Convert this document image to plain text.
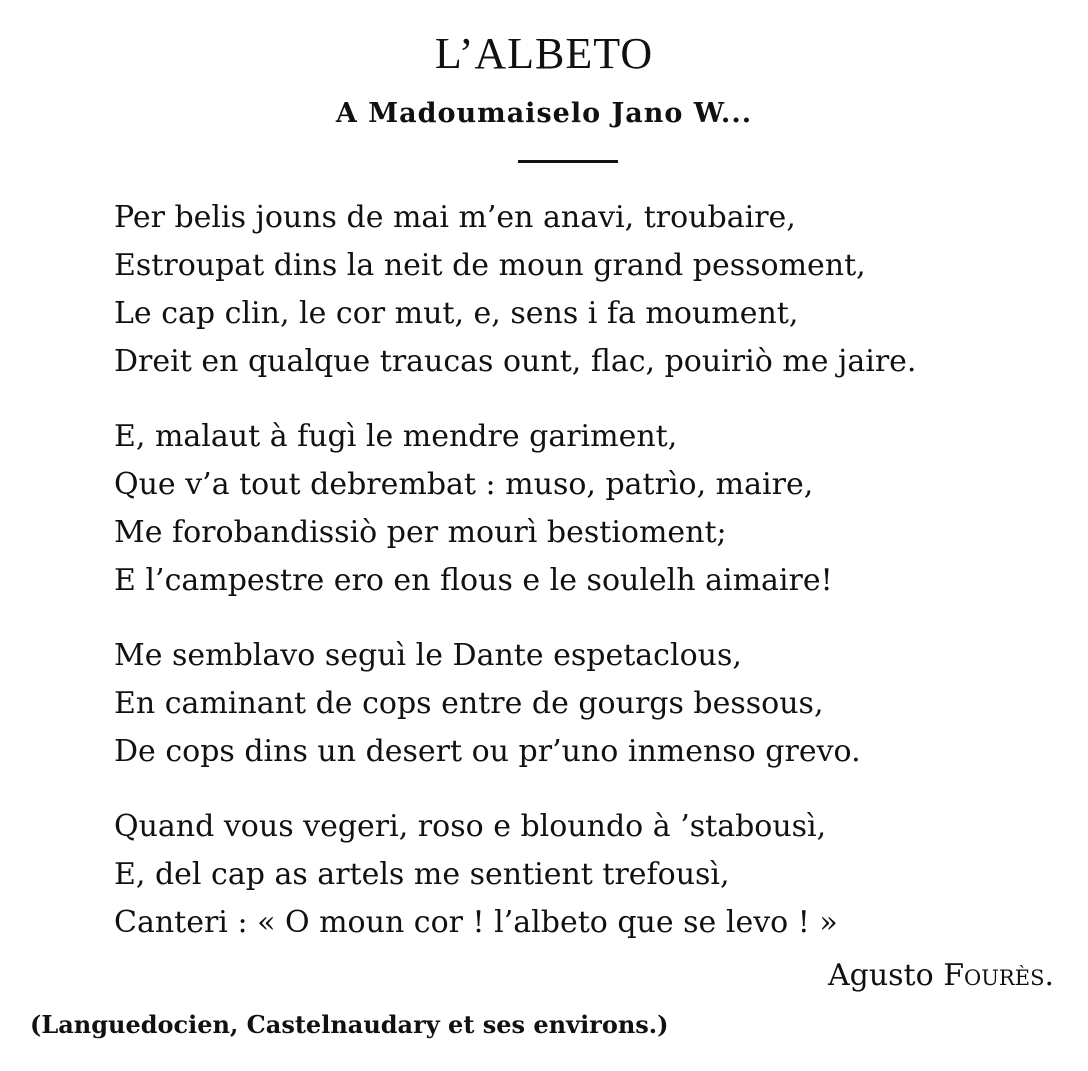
L’ALBETO
A Madoumaiselo Jano W...
Per belis jouns de mai m’en anavi, troubaire,
Estroupat dins la neit de moun grand pessoment,
Le cap clin, le cor mut, e, sens i fa moument,
Dreit en qualque traucas ount, flac, pouiriò me jaire.
E, malaut à fugì le mendre gariment,
Que v’a tout debrembat : muso, patrìo, maire,
Me forobandissiò per mourì bestioment;
E l’campestre ero en flous e le soulelh aimaire!
Me semblavo seguì le Dante espetaclous,
En caminant de cops entre de gourgs bessous,
De cops dins un desert ou pr’uno inmenso grevo.
Quand vous vegeri, roso e bloundo à ’stabousì,
E, del cap as artels me sentient trefousì,
Canteri : « O moun cor ! l’albeto que se levo ! »
Agusto Fourès.
(Languedocien, Castelnaudary et ses environs.)
